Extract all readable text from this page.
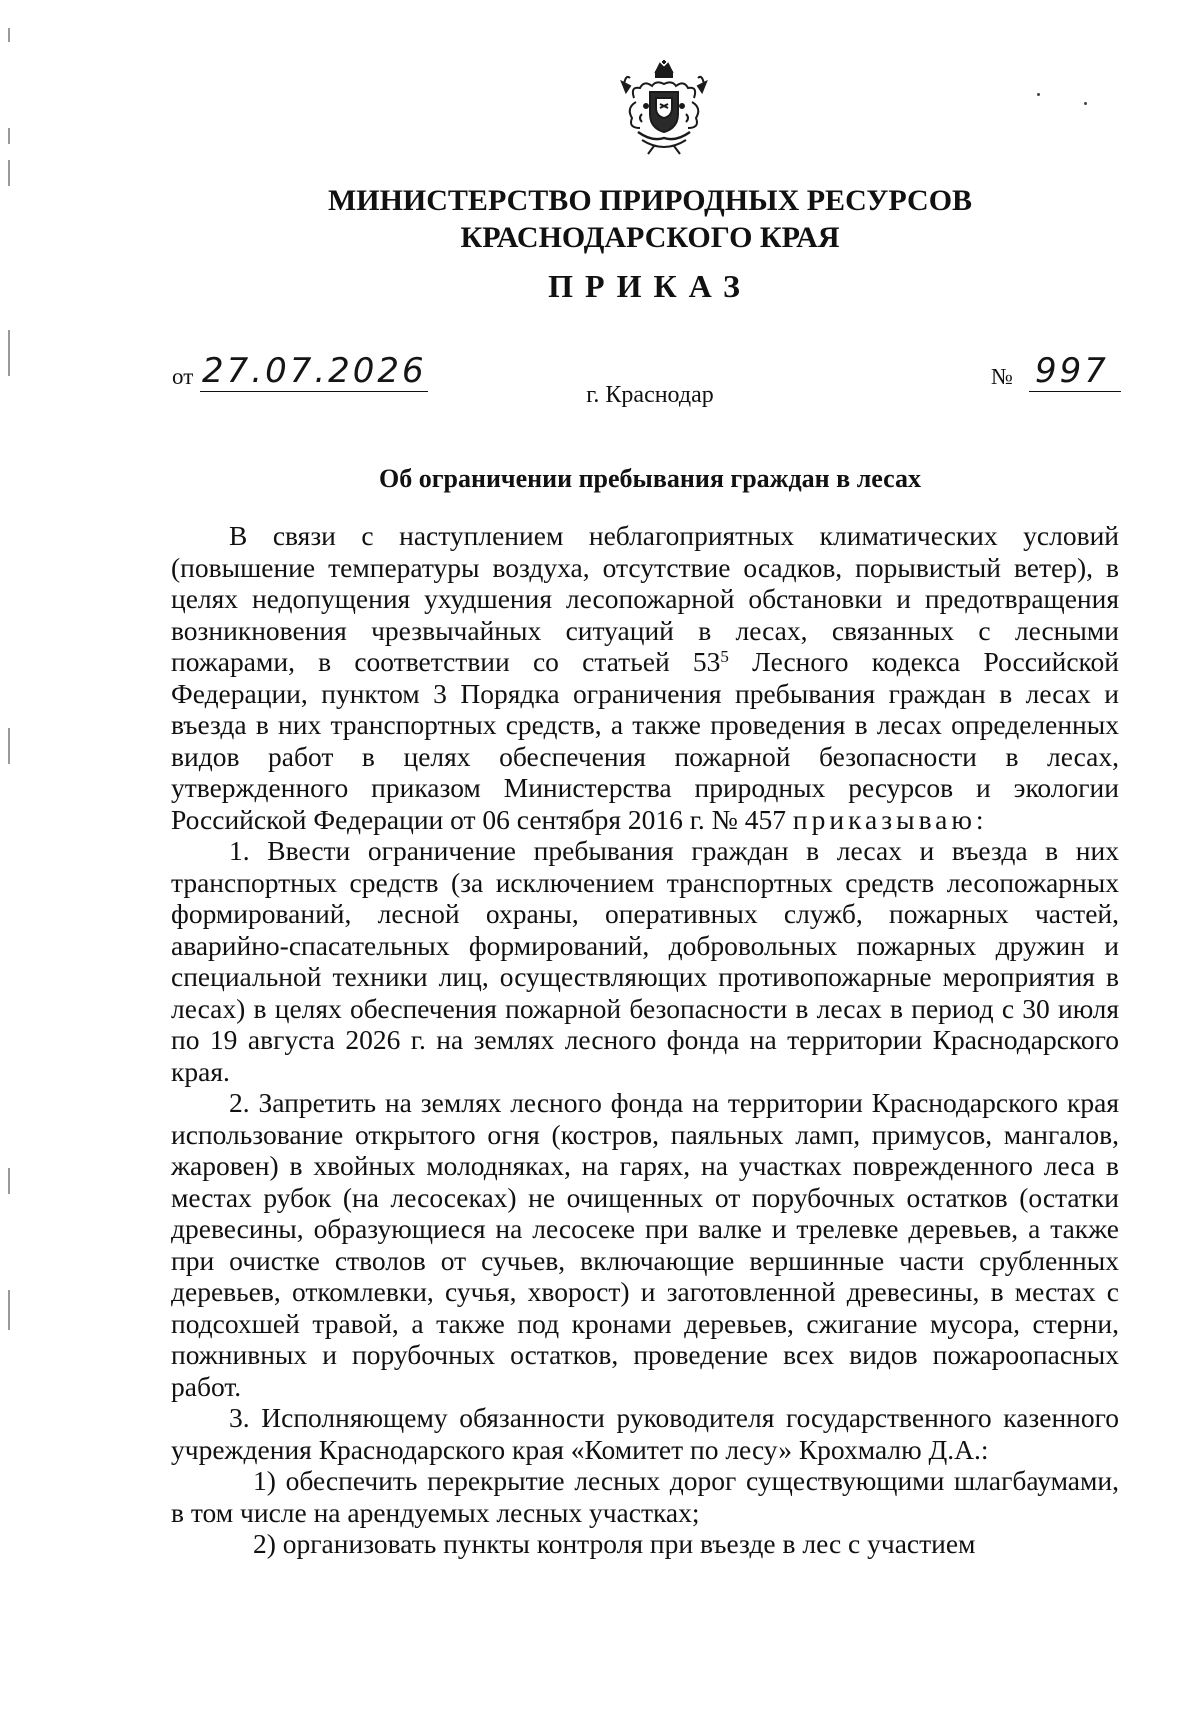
МИНИСТЕРСТВО ПРИРОДНЫХ РЕСУРСОВ
КРАСНОДАРСКОГО КРАЯ
ПРИКАЗ
от 27.07.2026	№ 997
г. Краснодар
Об ограничении пребывания граждан в лесах

В связи с наступлением неблагоприятных климатических условий (повышение температуры воздуха, отсутствие осадков, порывистый ветер), в целях недопущения ухудшения лесопожарной обстановки и предотвращения возникновения чрезвычайных ситуаций в лесах, связанных с лесными пожарами, в соответствии со статьей $53^5$ Лесного кодекса Российской Федерации, пунктом 3 Порядка ограничения пребывания граждан в лесах и въезда в них транспортных средств, а также проведения в лесах определенных видов работ в целях обеспечения пожарной безопасности в лесах, утвержденного приказом Министерства природных ресурсов и экологии Российской Федерации от 06 сентября 2016 г. № 457 приказываю:

1. Ввести ограничение пребывания граждан в лесах и въезда в них транспортных средств (за исключением транспортных средств лесопожарных формирований, лесной охраны, оперативных служб, пожарных частей, аварийно-спасательных формирований, добровольных пожарных дружин и специальной техники лиц, осуществляющих противопожарные мероприятия в лесах) в целях обеспечения пожарной безопасности в лесах в период с 30 июля по 19 августа 2026 г. на землях лесного фонда на территории Краснодарского края.

2. Запретить на землях лесного фонда на территории Краснодарского края использование открытого огня (костров, паяльных ламп, примусов, мангалов, жаровен) в хвойных молодняках, на гарях, на участках поврежденного леса в местах рубок (на лесосеках) не очищенных от порубочных остатков (остатки древесины, образующиеся на лесосеке при валке и трелевке деревьев, а также при очистке стволов от сучьев, включающие вершинные части срубленных деревьев, откомлевки, сучья, хворост) и заготовленной древесины, в местах с подсохшей травой, а также под кронами деревьев, сжигание мусора, стерни, пожнивных и порубочных остатков, проведение всех видов пожароопасных работ.

3. Исполняющему обязанности руководителя государственного казенного учреждения Краснодарского края «Комитет по лесу» Крохмалю Д.А.:

1) обеспечить перекрытие лесных дорог существующими шлагбаумами, в том числе на арендуемых лесных участках;

2) организовать пункты контроля при въезде в лес с участием
